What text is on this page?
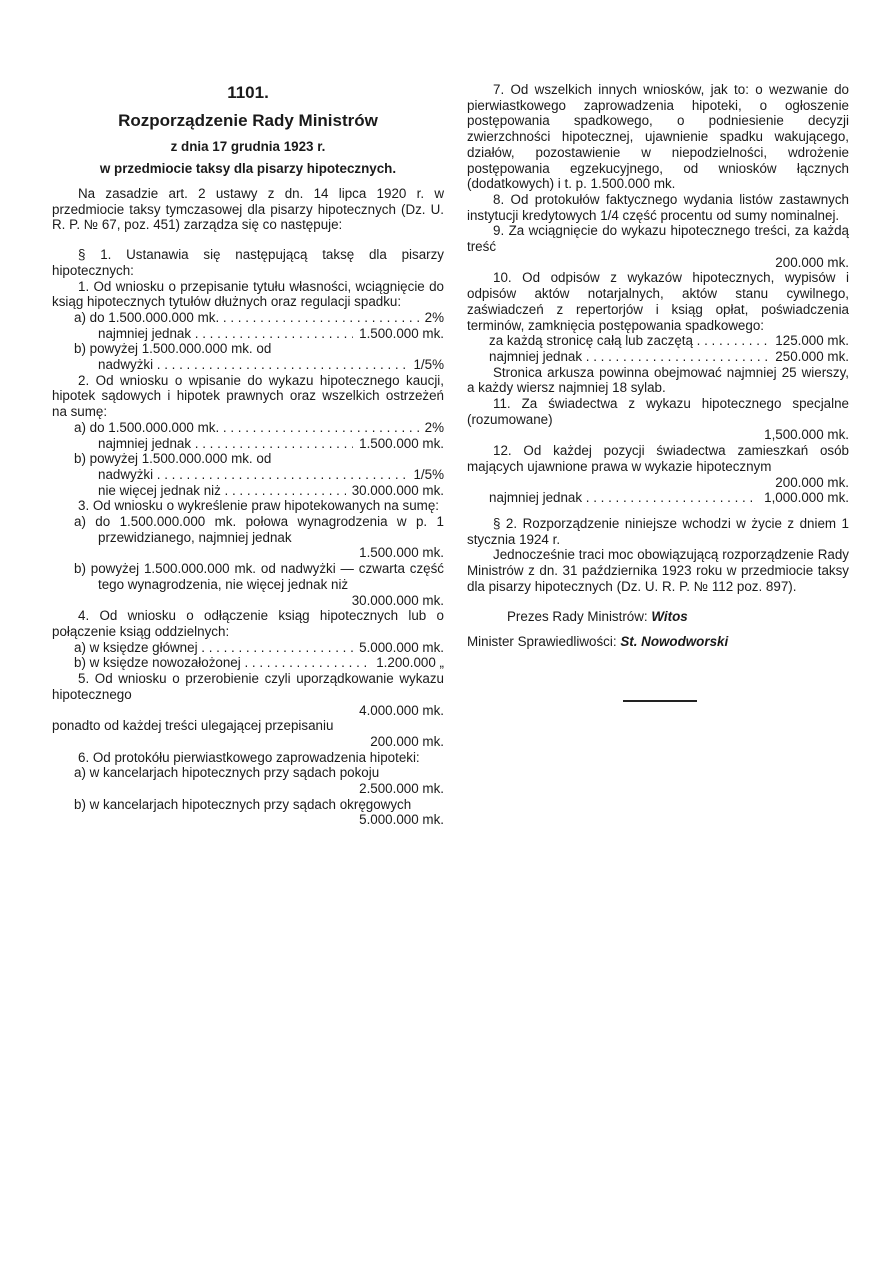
1101.

Rozporządzenie Rady Ministrów

z dnia 17 grudnia 1923 r.

w przedmiocie taksy dla pisarzy hipotecznych.

Na zasadzie art. 2 ustawy z dn. 14 lipca 1920 r. w przedmiocie taksy tymczasowej dla pisarzy hipotecznych (Dz. U. R. P. № 67, poz. 451) zarządza się co następuje:

§ 1. Ustanawia się następującą taksę dla pisarzy hipotecznych:

1. Od wniosku o przepisanie tytułu własności, wciągnięcie do ksiąg hipotecznych tytułów dłużnych oraz regulacji spadku:

a) do 1.500.000.000 mk. . . .	2%
najmniej jednak . . .	1.500.000 mk.

b) powyżej 1.500.000.000 mk. od

nadwyżki . . .	1/5%

2. Od wniosku o wpisanie do wykazu hipotecznego kaucji, hipotek sądowych i hipotek prawnych oraz wszelkich ostrzeżeń na sumę:

a) do 1.500.000.000 mk. . . .	2%
najmniej jednak . . .	1.500.000 mk.

b) powyżej 1.500.000.000 mk. od

nadwyżki . . .	1/5%
nie więcej jednak niż . . .	30.000.000 mk.

3. Od wniosku o wykreślenie praw hipotekowanych na sumę:

a) do 1.500.000.000 mk. połowa wynagrodzenia w p. 1 przewidzianego, najmniej jednak

1.500.000 mk.

b) powyżej 1.500.000.000 mk. od nadwyżki — czwarta część tego wynagrodzenia, nie więcej jednak niż

30.000.000 mk.

4. Od wniosku o odłączenie ksiąg hipotecznych lub o połączenie ksiąg oddzielnych:

a) w księdze głównej . . .	5.000.000 mk.
b) w księdze nowozałożonej . . .	1.200.000 „

5. Od wniosku o przerobienie czyli uporządkowanie wykazu hipotecznego

4.000.000 mk.

ponadto od każdej treści ulegającej przepisaniu

200.000 mk.

6. Od protokółu pierwiastkowego zaprowadzenia hipoteki:

a) w kancelarjach hipotecznych przy sądach pokoju

2.500.000 mk.

b) w kancelarjach hipotecznych przy sądach okręgowych

5.000.000 mk.

7. Od wszelkich innych wniosków, jak to: o wezwanie do pierwiastkowego zaprowadzenia hipoteki, o ogłoszenie postępowania spadkowego, o podniesienie decyzji zwierzchności hipotecznej, ujawnienie spadku wakującego, działów, pozostawienie w niepodzielności, wdrożenie postępowania egzekucyjnego, od wniosków łącznych (dodatkowych) i t. p. 1.500.000 mk.

8. Od protokułów faktycznego wydania listów zastawnych instytucji kredytowych 1/4 część procentu od sumy nominalnej.

9. Za wciągnięcie do wykazu hipotecznego treści, za każdą treść

200.000 mk.

10. Od odpisów z wykazów hipotecznych, wypisów i odpisów aktów notarjalnych, aktów stanu cywilnego, zaświadczeń z repertorjów i ksiąg opłat, poświadczenia terminów, zamknięcia postępowania spadkowego:

za każdą stronicę całą lub zaczętą . . .	125.000 mk.
najmniej jednak . . .	250.000 mk.

Stronica arkusza powinna obejmować najmniej 25 wierszy, a każdy wiersz najmniej 18 sylab.

11. Za świadectwa z wykazu hipotecznego specjalne (rozumowane)

1,500.000 mk.

12. Od każdej pozycji świadectwa zamieszkań osób mających ujawnione prawa w wykazie hipotecznym

200.000 mk.

najmniej jednak . . .	1,000.000 mk.

§ 2. Rozporządzenie niniejsze wchodzi w życie z dniem 1 stycznia 1924 r.

Jednocześnie traci moc obowiązującą rozporządzenie Rady Ministrów z dn. 31 października 1923 roku w przedmiocie taksy dla pisarzy hipotecznych (Dz. U. R. P. № 112 poz. 897).

Prezes Rady Ministrów: Witos

Minister Sprawiedliwości: St. Nowodworski
